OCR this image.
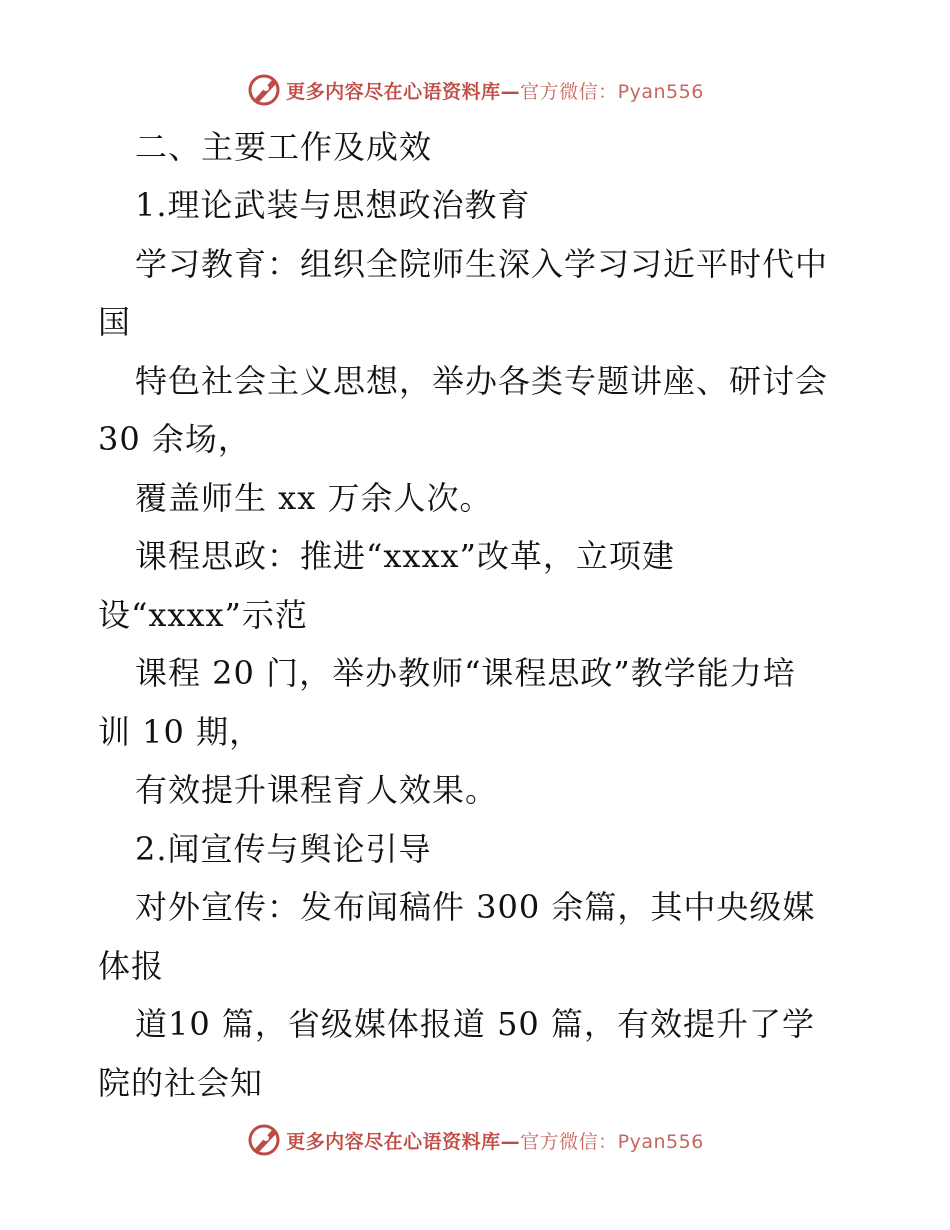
更多内容尽在心语资料库—官方微信：Pyan556
二、主要工作及成效
1.理论武装与思想政治教育
学习教育：组织全院师生深入学习习近平时代中
国
特色社会主义思想，举办各类专题讲座、研讨会
30 余场，
覆盖师生 xx 万余人次。
课程思政：推进“xxxx”改革，立项建
设“xxxx”示范
课程 20 门，举办教师“课程思政”教学能力培
训 10 期，
有效提升课程育人效果。
2.闻宣传与舆论引导
对外宣传：发布闻稿件 300 余篇，其中央级媒
体报
道10 篇，省级媒体报道 50 篇，有效提升了学
院的社会知
更多内容尽在心语资料库—官方微信：Pyan556
